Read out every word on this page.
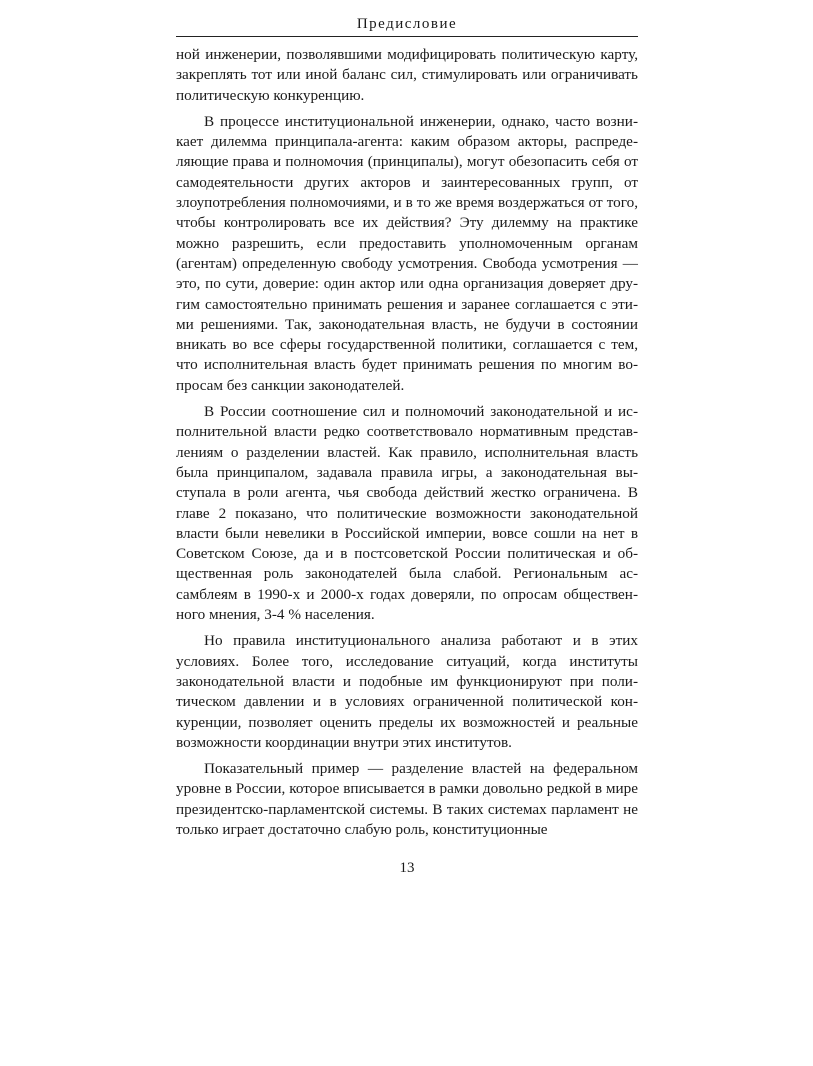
Предисловие

ной инженерии, позволявшими модифицировать политическую карту, закреплять тот или иной баланс сил, стимулировать или ограничивать политическую конкуренцию.

В процессе институциональной инженерии, однако, часто возникает дилемма принципала-агента: каким образом акторы, распределяющие права и полномочия (принципалы), могут обезопасить себя от самодеятельности других акторов и заинтересованных групп, от злоупотребления полномочиями, и в то же время воздержаться от того, чтобы контролировать все их действия? Эту дилемму на практике можно разрешить, если предоставить уполномоченным органам (агентам) определенную свободу усмотрения. Свобода усмотрения — это, по сути, доверие: один актор или одна организация доверяет другим самостоятельно принимать решения и заранее соглашается с этими решениями. Так, законодательная власть, не будучи в состоянии вникать во все сферы государственной политики, соглашается с тем, что исполнительная власть будет принимать решения по многим вопросам без санкции законодателей.

В России соотношение сил и полномочий законодательной и исполнительной власти редко соответствовало нормативным представлениям о разделении властей. Как правило, исполнительная власть была принципалом, задавала правила игры, а законодательная выступала в роли агента, чья свобода действий жестко ограничена. В главе 2 показано, что политические возможности законодательной власти были невелики в Российской империи, вовсе сошли на нет в Советском Союзе, да и в постсоветской России политическая и общественная роль законодателей была слабой. Региональным ассамблеям в 1990-х и 2000-х годах доверяли, по опросам общественного мнения, 3-4 % населения.

Но правила институционального анализа работают и в этих условиях. Более того, исследование ситуаций, когда институты законодательной власти и подобные им функционируют при политическом давлении и в условиях ограниченной политической конкуренции, позволяет оценить пределы их возможностей и реальные возможности координации внутри этих институтов.

Показательный пример — разделение властей на федеральном уровне в России, которое вписывается в рамки довольно редкой в мире президентско-парламентской системы. В таких системах парламент не только играет достаточно слабую роль, конституционные

13
